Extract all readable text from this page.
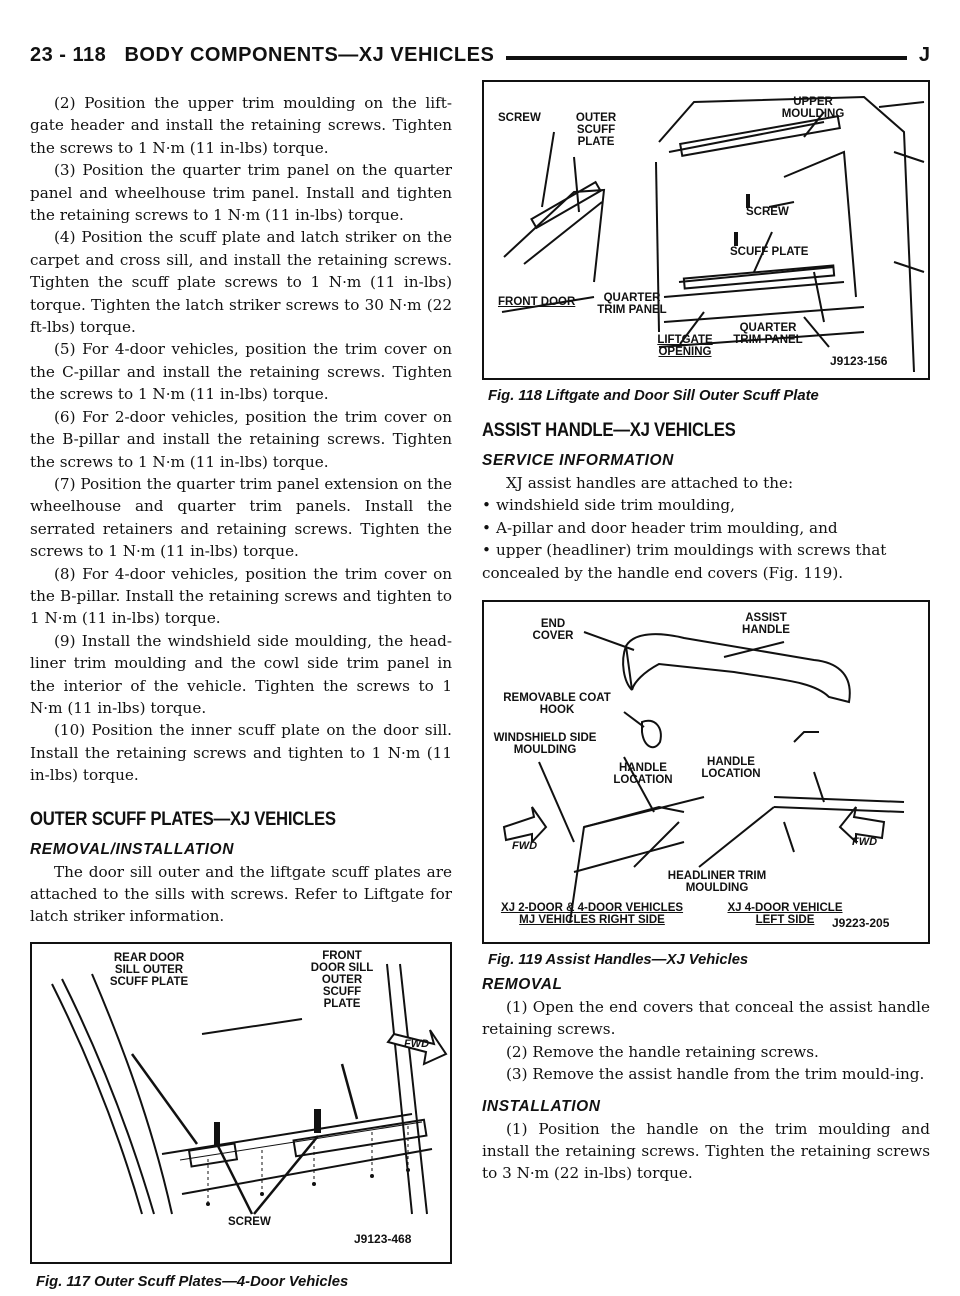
23 - 118 BODY COMPONENTS—XJ VEHICLES	J

(2) Position the upper trim moulding on the lift-gate header and install the retaining screws. Tighten the screws to 1 N·m (11 in-lbs) torque.

(3) Position the quarter trim panel on the quarter panel and wheelhouse trim panel. Install and tighten the retaining screws to 1 N·m (11 in-lbs) torque.

(4) Position the scuff plate and latch striker on the carpet and cross sill, and install the retaining screws. Tighten the scuff plate screws to 1 N·m (11 in-lbs) torque. Tighten the latch striker screws to 30 N·m (22 ft-lbs) torque.

(5) For 4-door vehicles, position the trim cover on the C-pillar and install the retaining screws. Tighten the screws to 1 N·m (11 in-lbs) torque.

(6) For 2-door vehicles, position the trim cover on the B-pillar and install the retaining screws. Tighten the screws to 1 N·m (11 in-lbs) torque.

(7) Position the quarter trim panel extension on the wheelhouse and quarter trim panels. Install the serrated retainers and retaining screws. Tighten the screws to 1 N·m (11 in-lbs) torque.

(8) For 4-door vehicles, position the trim cover on the B-pillar. Install the retaining screws and tighten to 1 N·m (11 in-lbs) torque.

(9) Install the windshield side moulding, the head-liner trim moulding and the cowl side trim panel in the interior of the vehicle. Tighten the screws to 1 N·m (11 in-lbs) torque.

(10) Position the inner scuff plate on the door sill. Install the retaining screws and tighten to 1 N·m (11 in-lbs) torque.

OUTER SCUFF PLATES—XJ VEHICLES
REMOVAL/INSTALLATION

The door sill outer and the liftgate scuff plates are attached to the sills with screws. Refer to Liftgate for latch striker information.

REAR DOOR SILL OUTER SCUFF PLATE
FRONT DOOR SILL OUTER SCUFF PLATE
FWD
SCREW
J9123-468
Fig. 117 Outer Scuff Plates—4-Door Vehicles
SCREW	OUTER SCUFF PLATE
UPPER MOULDING
SCREW
SCUFF PLATE
FRONT DOOR	QUARTER TRIM PANEL
LIFTGATE OPENING
QUARTER TRIM PANEL
J9123-156
Fig. 118 Liftgate and Door Sill Outer Scuff Plate
ASSIST HANDLE—XJ VEHICLES
SERVICE INFORMATION

XJ assist handles are attached to the:

• windshield side trim moulding,
• A-pillar and door header trim moulding, and
• upper (headliner) trim mouldings with screws that

concealed by the handle end covers (Fig. 119).

END COVER
ASSIST HANDLE
REMOVABLE COAT HOOK
WINDSHIELD SIDE MOULDING
HANDLE LOCATION
HANDLE LOCATION
FWD	FWD
HEADLINER TRIM MOULDING
XJ 2-DOOR & 4-DOOR VEHICLES MJ VEHICLES RIGHT SIDE
XJ 4-DOOR VEHICLE LEFT SIDE	J9223-205
Fig. 119 Assist Handles—XJ Vehicles
REMOVAL

(1) Open the end covers that conceal the assist handle retaining screws.

(2) Remove the handle retaining screws.

(3) Remove the assist handle from the trim mould-ing.

INSTALLATION

(1) Position the handle on the trim moulding and install the retaining screws. Tighten the retaining screws to 3 N·m (22 in-lbs) torque.
